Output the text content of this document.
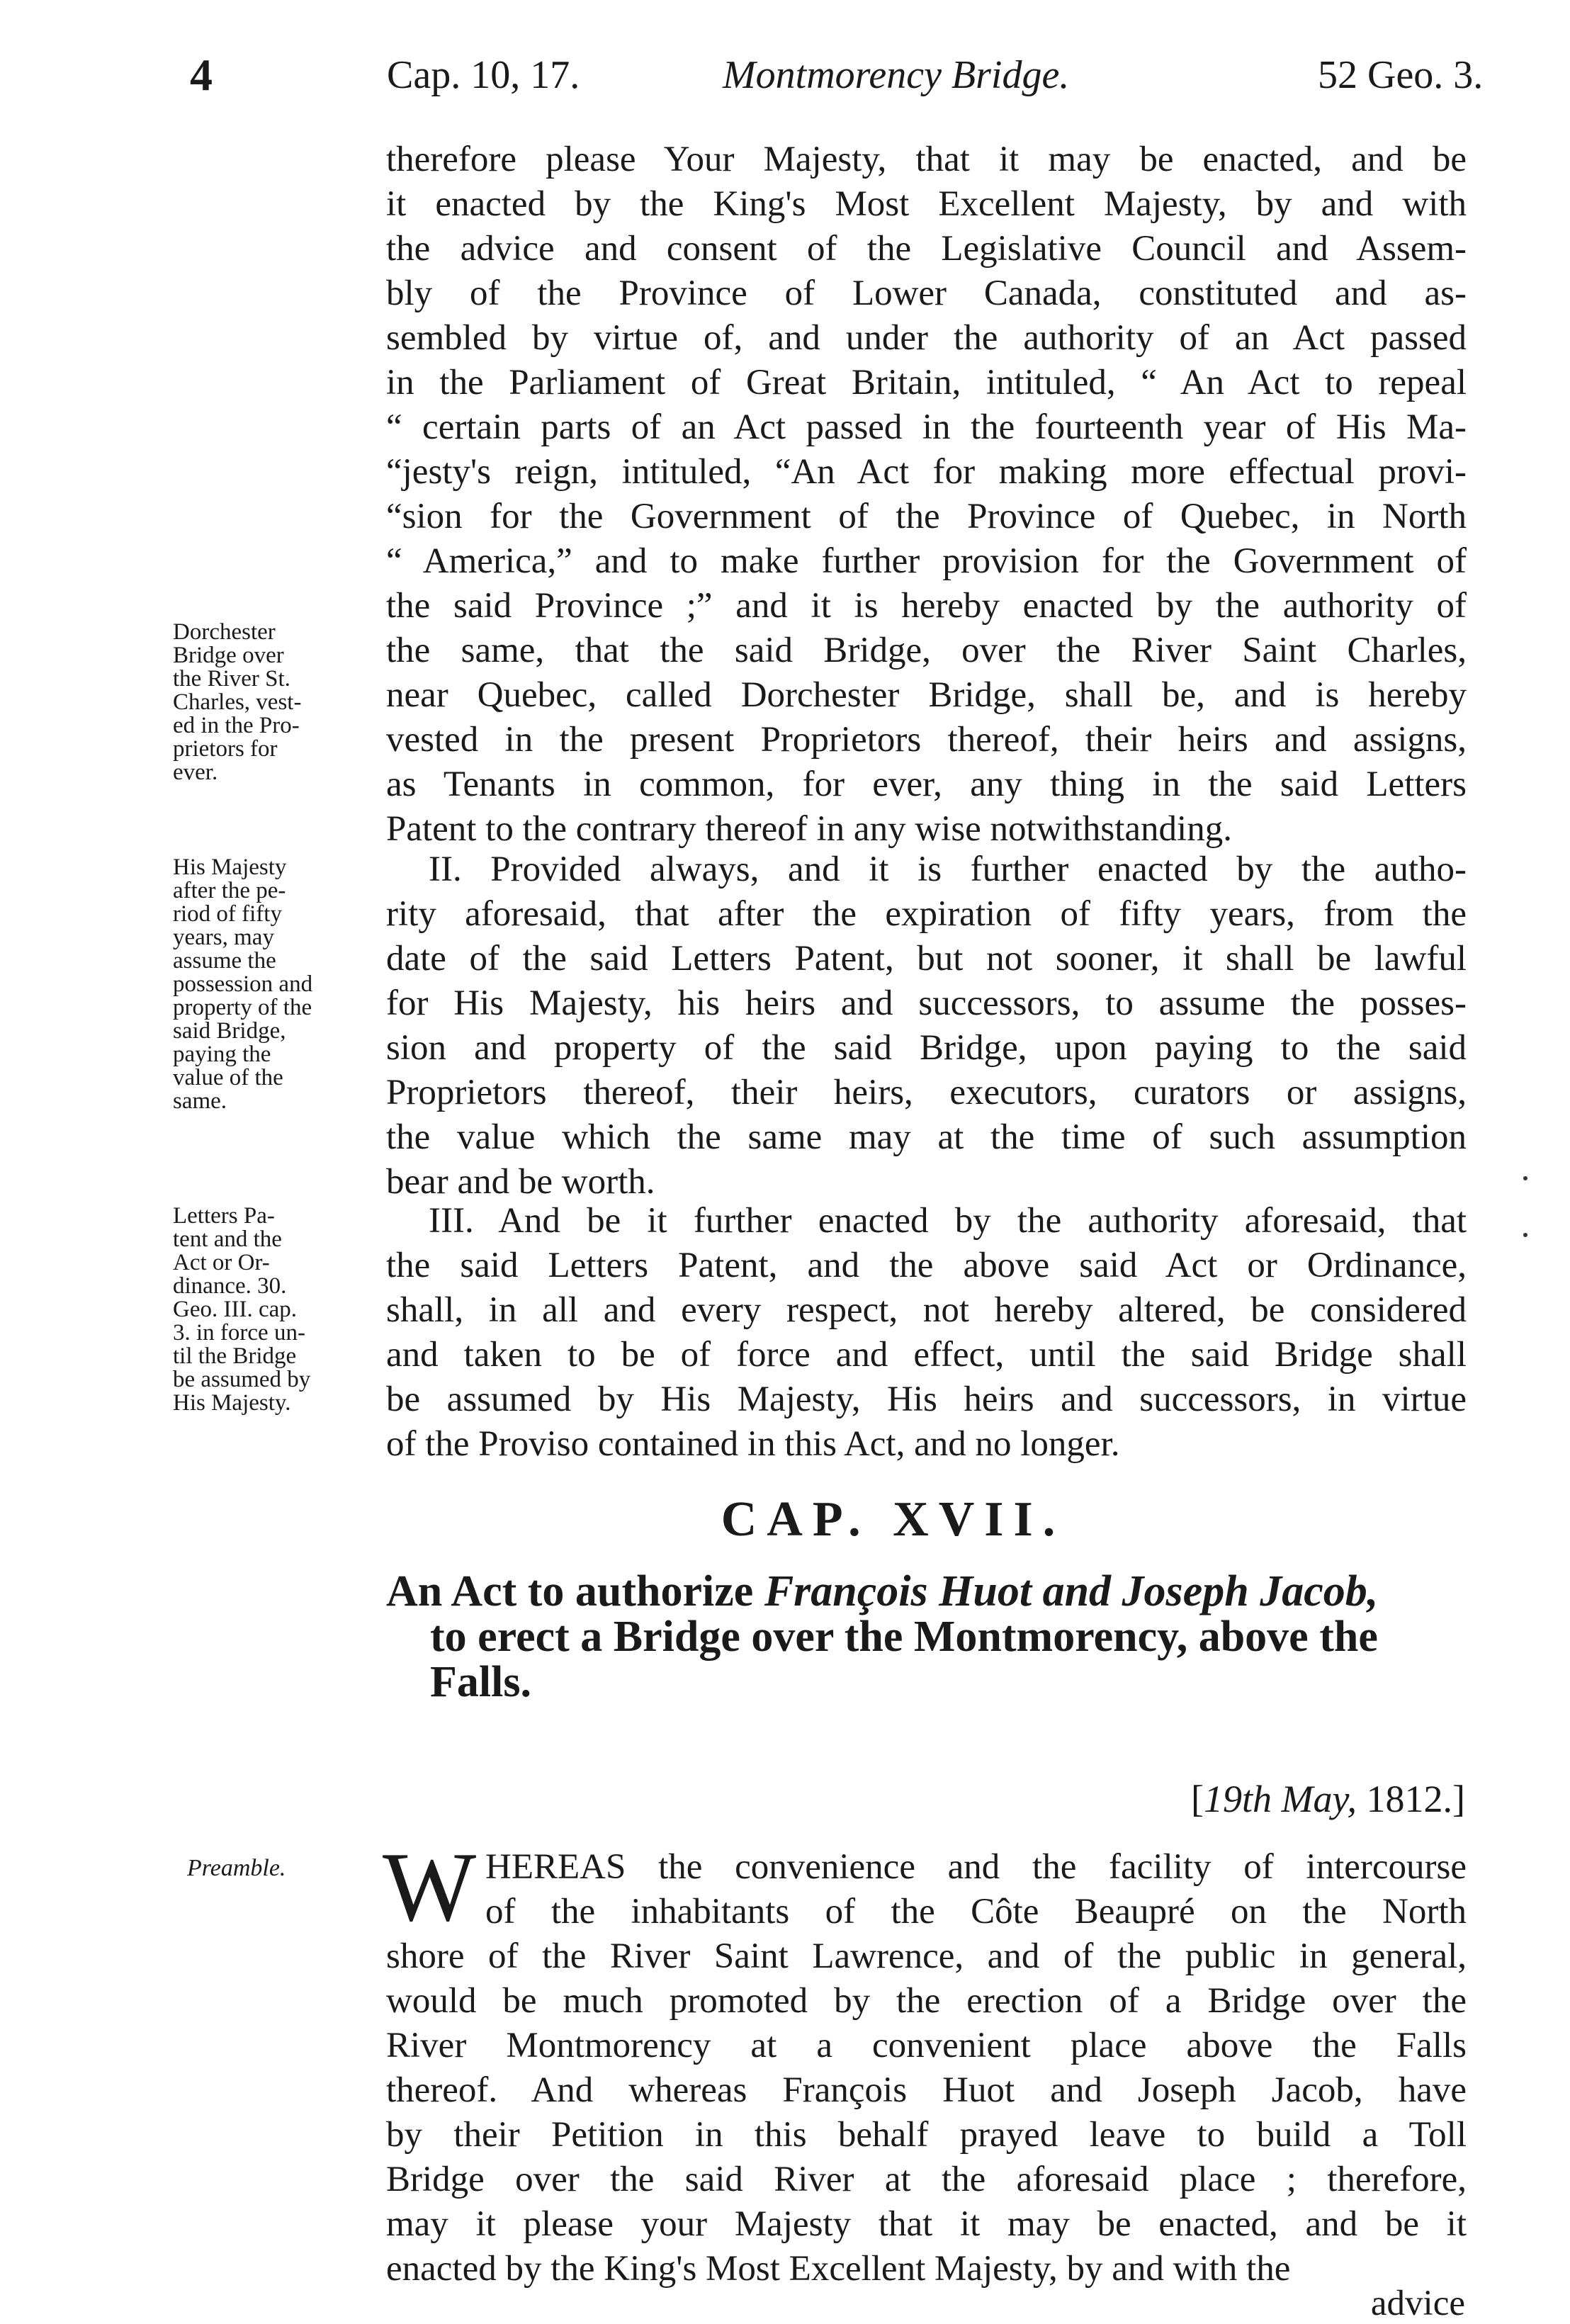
4	Cap. 10, 17.	Montmorency Bridge.	52 Geo. 3.
therefore please Your Majesty, that it may be enacted, and be
it enacted by the King's Most Excellent Majesty, by and with
the advice and consent of the Legislative Council and Assem-
bly of the Province of Lower Canada, constituted and as-
sembled by virtue of, and under the authority of an Act passed
in the Parliament of Great Britain, intituled, “ An Act to repeal
“ certain parts of an Act passed in the fourteenth year of His Ma-
“jesty's reign, intituled, “An Act for making more effectual provi-
“sion for the Government of the Province of Quebec, in North
“ America,” and to make further provision for the Government of
the said Province ;” and it is hereby enacted by the authority of
the same, that the said Bridge, over the River Saint Charles,
near Quebec, called Dorchester Bridge, shall be, and is hereby
vested in the present Proprietors thereof, their heirs and assigns,
as Tenants in common, for ever, any thing in the said Letters
Patent to the contrary thereof in any wise notwithstanding.
Dorchester
Bridge over
the River St.
Charles, vest-
ed in the Pro-
prietors for
ever.
II. Provided always, and it is further enacted by the autho-
rity aforesaid, that after the expiration of fifty years, from the
date of the said Letters Patent, but not sooner, it shall be lawful
for His Majesty, his heirs and successors, to assume the posses-
sion and property of the said Bridge, upon paying to the said
Proprietors thereof, their heirs, executors, curators or assigns,
the value which the same may at the time of such assumption
bear and be worth.
His Majesty
after the pe-
riod of fifty
years, may
assume the
possession and
property of the
said Bridge,
paying the
value of the
same.
III. And be it further enacted by the authority aforesaid, that
the said Letters Patent, and the above said Act or Ordinance,
shall, in all and every respect, not hereby altered, be considered
and taken to be of force and effect, until the said Bridge shall
be assumed by His Majesty, His heirs and successors, in virtue
of the Proviso contained in this Act, and no longer.
Letters Pa-
tent and the
Act or Or-
dinance. 30.
Geo. III. cap.
3. in force un-
til the Bridge
be assumed by
His Majesty.
CAP. XVII.
An Act to authorize François Huot and Joseph Jacob,
to erect a Bridge over the Montmorency, above the
Falls.
[19th May, 1812.]
Preamble. W HEREAS the convenience and the facility of intercourse
of the inhabitants of the Côte Beaupré on the North
shore of the River Saint Lawrence, and of the public in general,
would be much promoted by the erection of a Bridge over the
River Montmorency at a convenient place above the Falls
thereof. And whereas François Huot and Joseph Jacob, have
by their Petition in this behalf prayed leave to build a Toll
Bridge over the said River at the aforesaid place ; therefore,
may it please your Majesty that it may be enacted, and be it
enacted by the King's Most Excellent Majesty, by and with the
advice
